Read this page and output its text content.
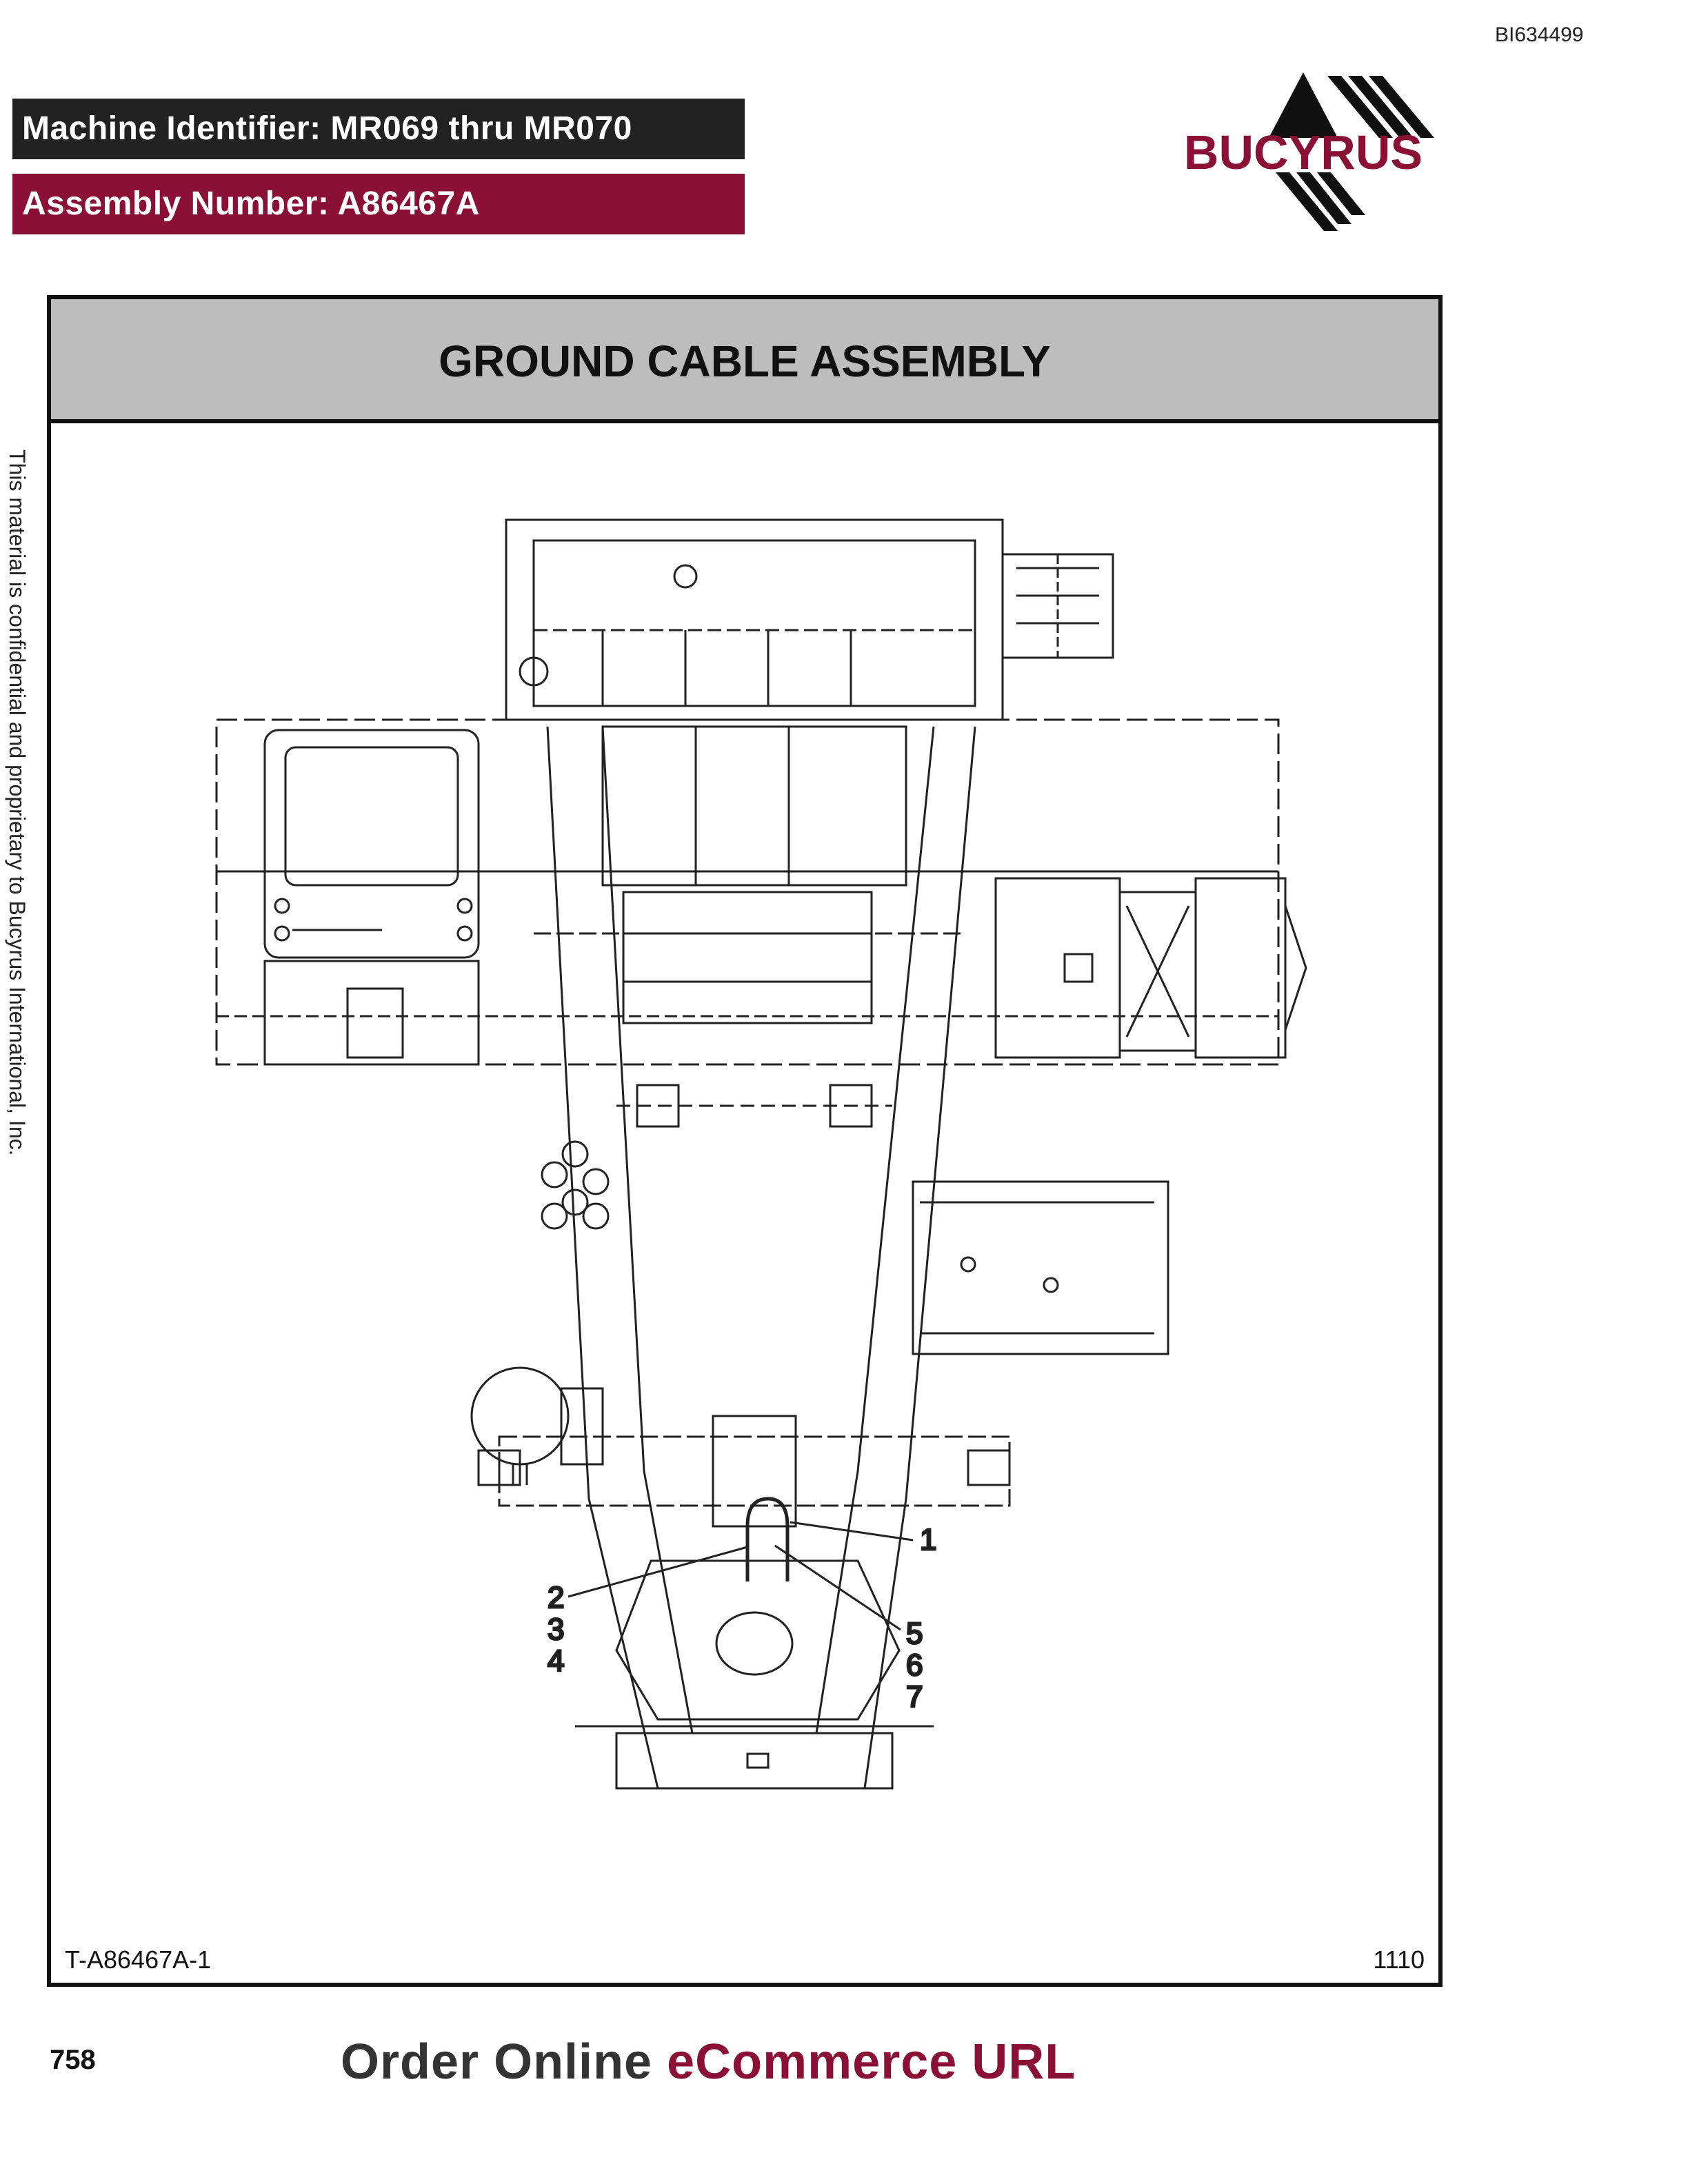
BI634499
Machine Identifier: MR069 thru MR070
Assembly Number: A86467A
BUCYRUS
GROUND CABLE ASSEMBLY
1
2
3
4
5
6
7
T-A86467A-1	1110
This material is confidential and proprietary to Bucyrus International, Inc.
758	Order Online eCommerce URL
